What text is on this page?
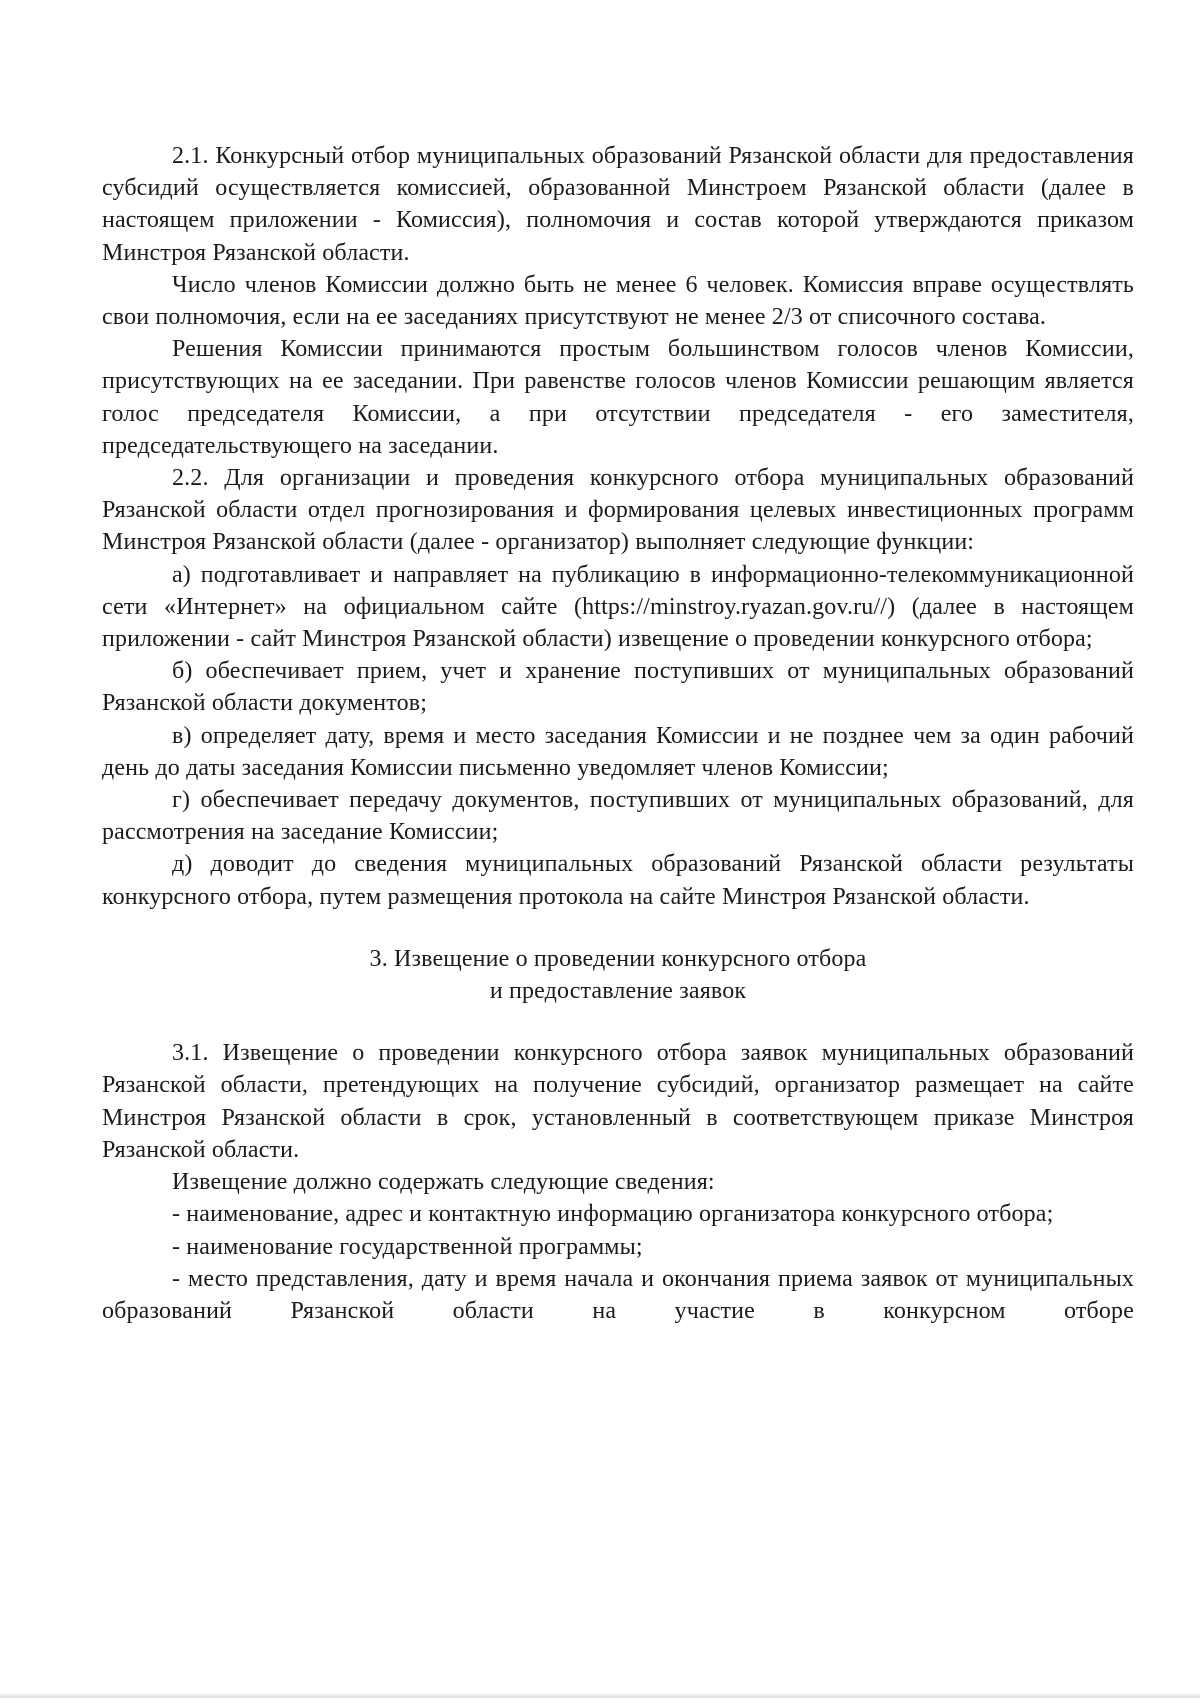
2.1. Конкурсный отбор муниципальных образований Рязанской области для предоставления субсидий осуществляется комиссией, образованной Минстроем Рязанской области (далее в настоящем приложении - Комиссия), полномочия и состав которой утверждаются приказом Минстроя Рязанской области.

Число членов Комиссии должно быть не менее 6 человек. Комиссия вправе осуществлять свои полномочия, если на ее заседаниях присутствуют не менее 2/3 от списочного состава.

Решения Комиссии принимаются простым большинством голосов членов Комиссии, присутствующих на ее заседании. При равенстве голосов членов Комиссии решающим является голос председателя Комиссии, а при отсутствии председателя - его заместителя, председательствующего на заседании.

2.2. Для организации и проведения конкурсного отбора муниципальных образований Рязанской области отдел прогнозирования и формирования целевых инвестиционных программ Минстроя Рязанской области (далее - организатор) выполняет следующие функции:

а) подготавливает и направляет на публикацию в информационно-телекоммуникационной сети «Интернет» на официальном сайте (https://minstroy.ryazan.gov.ru//) (далее в настоящем приложении - сайт Минстроя Рязанской области) извещение о проведении конкурсного отбора;

б) обеспечивает прием, учет и хранение поступивших от муниципальных образований Рязанской области документов;

в) определяет дату, время и место заседания Комиссии и не позднее чем за один рабочий день до даты заседания Комиссии письменно уведомляет членов Комиссии;

г) обеспечивает передачу документов, поступивших от муниципальных образований, для рассмотрения на заседание Комиссии;

д) доводит до сведения муниципальных образований Рязанской области результаты конкурсного отбора, путем размещения протокола на сайте Минстроя Рязанской области.

3. Извещение о проведении конкурсного отбора
и предоставление заявок

3.1. Извещение о проведении конкурсного отбора заявок муниципальных образований Рязанской области, претендующих на получение субсидий, организатор размещает на сайте Минстроя Рязанской области в срок, установленный в соответствующем приказе Минстроя Рязанской области.

Извещение должно содержать следующие сведения:

- наименование, адрес и контактную информацию организатора конкурсного отбора;

- наименование государственной программы;

- место представления, дату и время начала и окончания приема заявок от муниципальных образований Рязанской области на участие в конкурсном отборе
